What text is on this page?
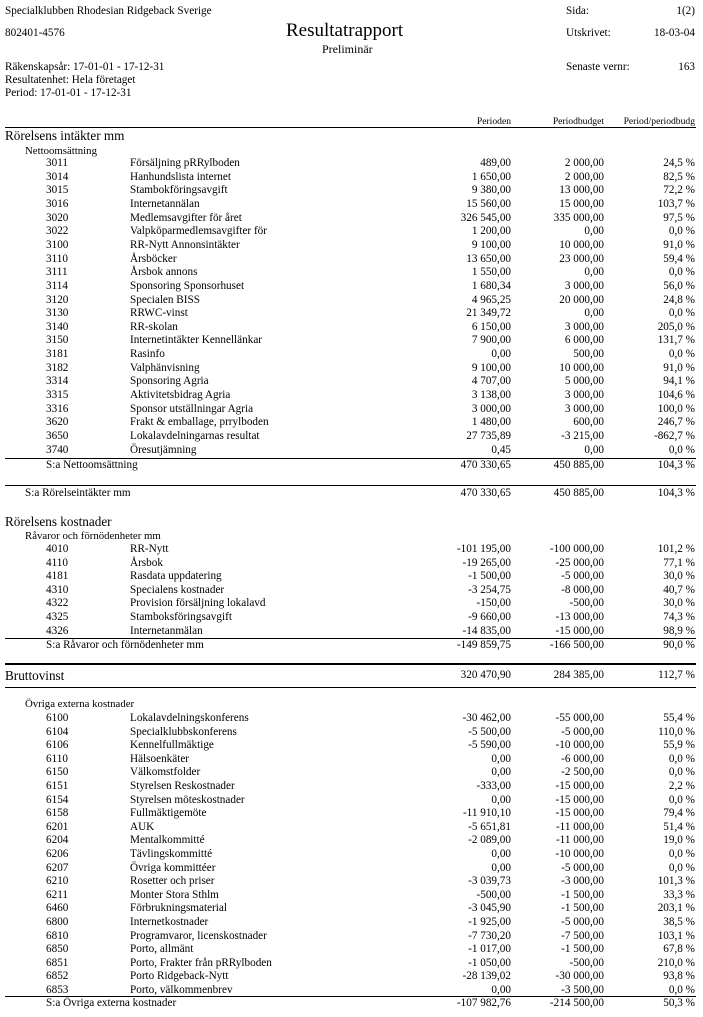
Specialklubben Rhodesian Ridgeback Sverige
802401-4576	Resultatrapport
Preliminär
Sida:	1(2)
Utskrivet:	18-03-04
Senaste vernr:	163
Räkenskapsår: 17-01-01 - 17-12-31
Resultatenhet: Hela företaget
Period: 17-01-01 - 17-12-31
Perioden	Periodbudget Period/periodbudg
Rörelsens intäkter mm
Nettoomsättning
3011	Försäljning pRRylboden	489,00	2 000,00	24,5 %
3014	Hanhundslista internet	1 650,00	2 000,00	82,5 %
3015	Stambokföringsavgift	9 380,00	13 000,00	72,2 %
3016	Internetannälan	15 560,00	15 000,00	103,7 %
3020	Medlemsavgifter för året	326 545,00	335 000,00	97,5 %
3022	Valpköparmedlemsavgifter för	1 200,00	0,00	0,0 %
3100	RR-Nytt Annonsintäkter	9 100,00	10 000,00	91,0 %
3110	Årsböcker	13 650,00	23 000,00	59,4 %
3111	Årsbok annons	1 550,00	0,00	0,0 %
3114	Sponsoring Sponsorhuset	1 680,34	3 000,00	56,0 %
3120	Specialen BISS	4 965,25	20 000,00	24,8 %
3130	RRWC-vinst	21 349,72	0,00	0,0 %
3140	RR-skolan	6 150,00	3 000,00	205,0 %
3150	Internetintäkter Kennellänkar	7 900,00	6 000,00	131,7 %
3181	Rasinfo	0,00	500,00	0,0 %
3182	Valphänvisning	9 100,00	10 000,00	91,0 %
3314	Sponsoring Agria	4 707,00	5 000,00	94,1 %
3315	Aktivitetsbidrag Agria	3 138,00	3 000,00	104,6 %
3316	Sponsor utställningar Agria	3 000,00	3 000,00	100,0 %
3620	Frakt & emballage, prrylboden	1 480,00	600,00	246,7 %
3650	Lokalavdelningarnas resultat	27 735,89	-3 215,00	-862,7 %
3740	Öresutjämning	0,45	0,00	0,0 %
S:a Nettoomsättning	470 330,65	450 885,00	104,3 %
S:a Rörelseintäkter mm	470 330,65	450 885,00	104,3 %
Rörelsens kostnader
Råvaror och förnödenheter mm
4010	RR-Nytt	-101 195,00	-100 000,00	101,2 %
4110	Årsbok	-19 265,00	-25 000,00	77,1 %
4181	Rasdata uppdatering	-1 500,00	-5 000,00	30,0 %
4310	Specialens kostnader	-3 254,75	-8 000,00	40,7 %
4322	Provision försäljning lokalavd	-150,00	-500,00	30,0 %
4325	Stamboksföringsavgift	-9 660,00	-13 000,00	74,3 %
4326	Internetanmälan	-14 835,00	-15 000,00	98,9 %
S:a Råvaror och förnödenheter mm	-149 859,75	-166 500,00	90,0 %
Bruttovinst	320 470,90	284 385,00	112,7 %
Övriga externa kostnader
6100	Lokalavdelningskonferens	-30 462,00	-55 000,00	55,4 %
6104	Specialklubbskonferens	-5 500,00	-5 000,00	110,0 %
6106	Kennelfullmäktige	-5 590,00	-10 000,00	55,9 %
6110	Hälsoenkäter	0,00	-6 000,00	0,0 %
6150	Välkomstfolder	0,00	-2 500,00	0,0 %
6151	Styrelsen Reskostnader	-333,00	-15 000,00	2,2 %
6154	Styrelsen möteskostnader	0,00	-15 000,00	0,0 %
6158	Fullmäktigemöte	-11 910,10	-15 000,00	79,4 %
6201	AUK	-5 651,81	-11 000,00	51,4 %
6204	Mentalkommitté	-2 089,00	-11 000,00	19,0 %
6206	Tävlingskommitté	0,00	-10 000,00	0,0 %
6207	Övriga kommittéer	0,00	-5 000,00	0,0 %
6210	Rosetter och priser	-3 039,73	-3 000,00	101,3 %
6211	Monter Stora Sthlm	-500,00	-1 500,00	33,3 %
6460	Förbrukningsmaterial	-3 045,90	-1 500,00	203,1 %
6800	Internetkostnader	-1 925,00	-5 000,00	38,5 %
6810	Programvaror, licenskostnader	-7 730,20	-7 500,00	103,1 %
6850	Porto, allmänt	-1 017,00	-1 500,00	67,8 %
6851	Porto, Frakter från pRRylboden	-1 050,00	-500,00	210,0 %
6852	Porto Ridgeback-Nytt	-28 139,02	-30 000,00	93,8 %
6853	Porto, välkommenbrev	0,00	-3 500,00	0,0 %
S:a Övriga externa kostnader	-107 982,76	-214 500,00	50,3 %
